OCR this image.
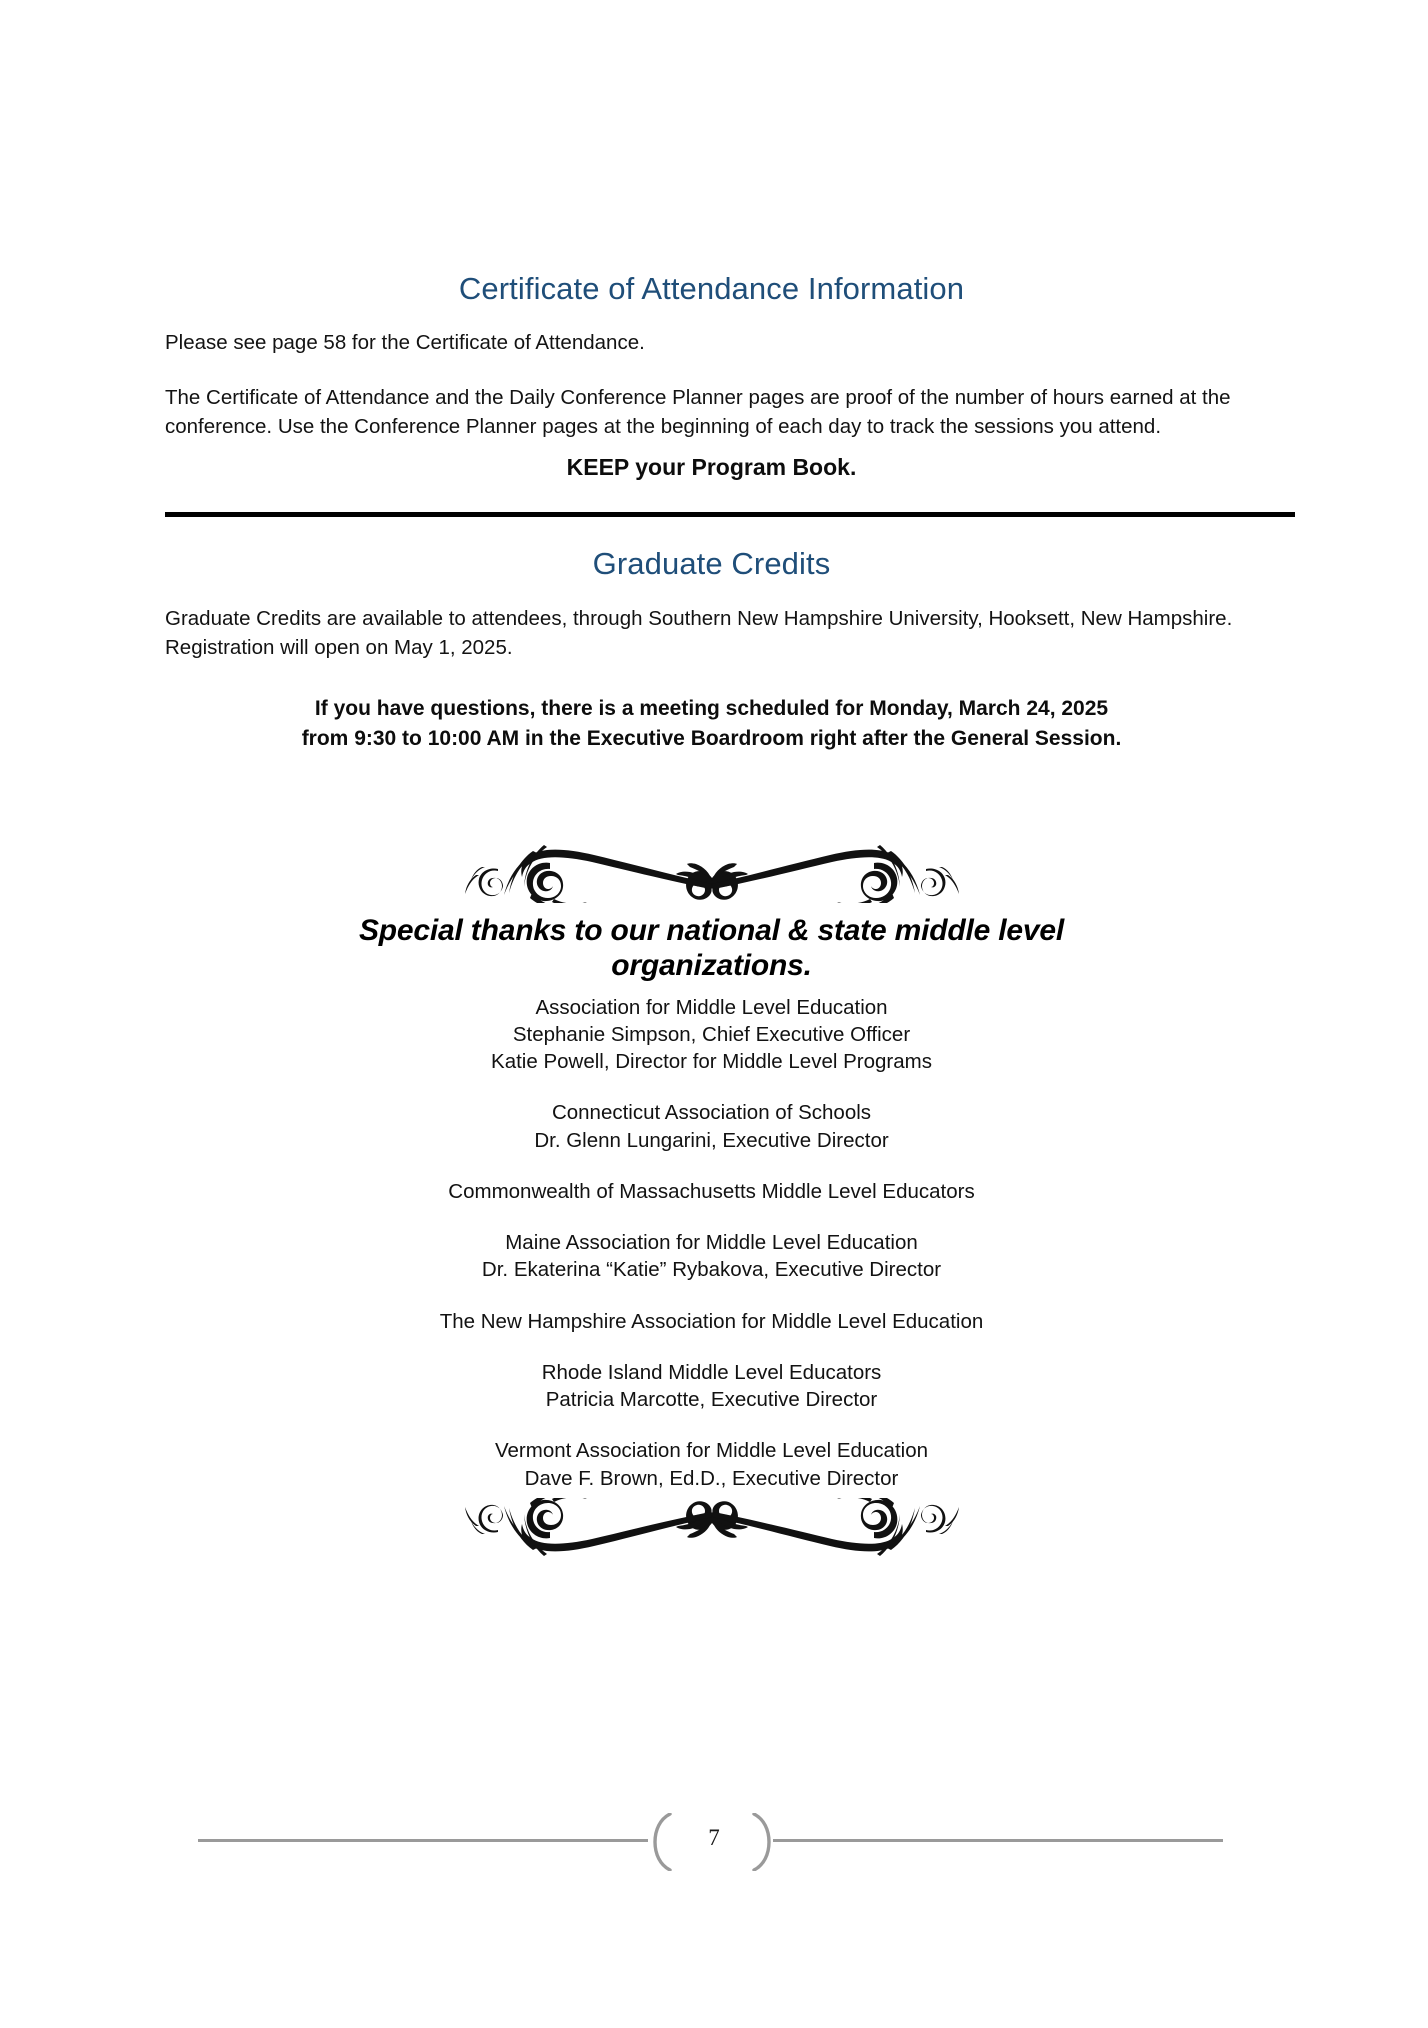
Certificate of Attendance Information
Please see page 58 for the Certificate of Attendance.
The Certificate of Attendance and the Daily Conference Planner pages are proof of the number of hours earned at the conference. Use the Conference Planner pages at the beginning of each day to track the sessions you attend.
KEEP your Program Book.
Graduate Credits
Graduate Credits are available to attendees, through Southern New Hampshire University, Hooksett, New Hampshire. Registration will open on May 1, 2025.
If you have questions, there is a meeting scheduled for Monday, March 24, 2025
from 9:30 to 10:00 AM in the Executive Boardroom right after the General Session.
Special thanks to our national & state middle level
organizations.
Association for Middle Level Education
Stephanie Simpson, Chief Executive Officer
Katie Powell, Director for Middle Level Programs
Connecticut Association of Schools
Dr. Glenn Lungarini, Executive Director
Commonwealth of Massachusetts Middle Level Educators
Maine Association for Middle Level Education
Dr. Ekaterina “Katie” Rybakova, Executive Director
The New Hampshire Association for Middle Level Education
Rhode Island Middle Level Educators
Patricia Marcotte, Executive Director
Vermont Association for Middle Level Education
Dave F. Brown, Ed.D., Executive Director
7
